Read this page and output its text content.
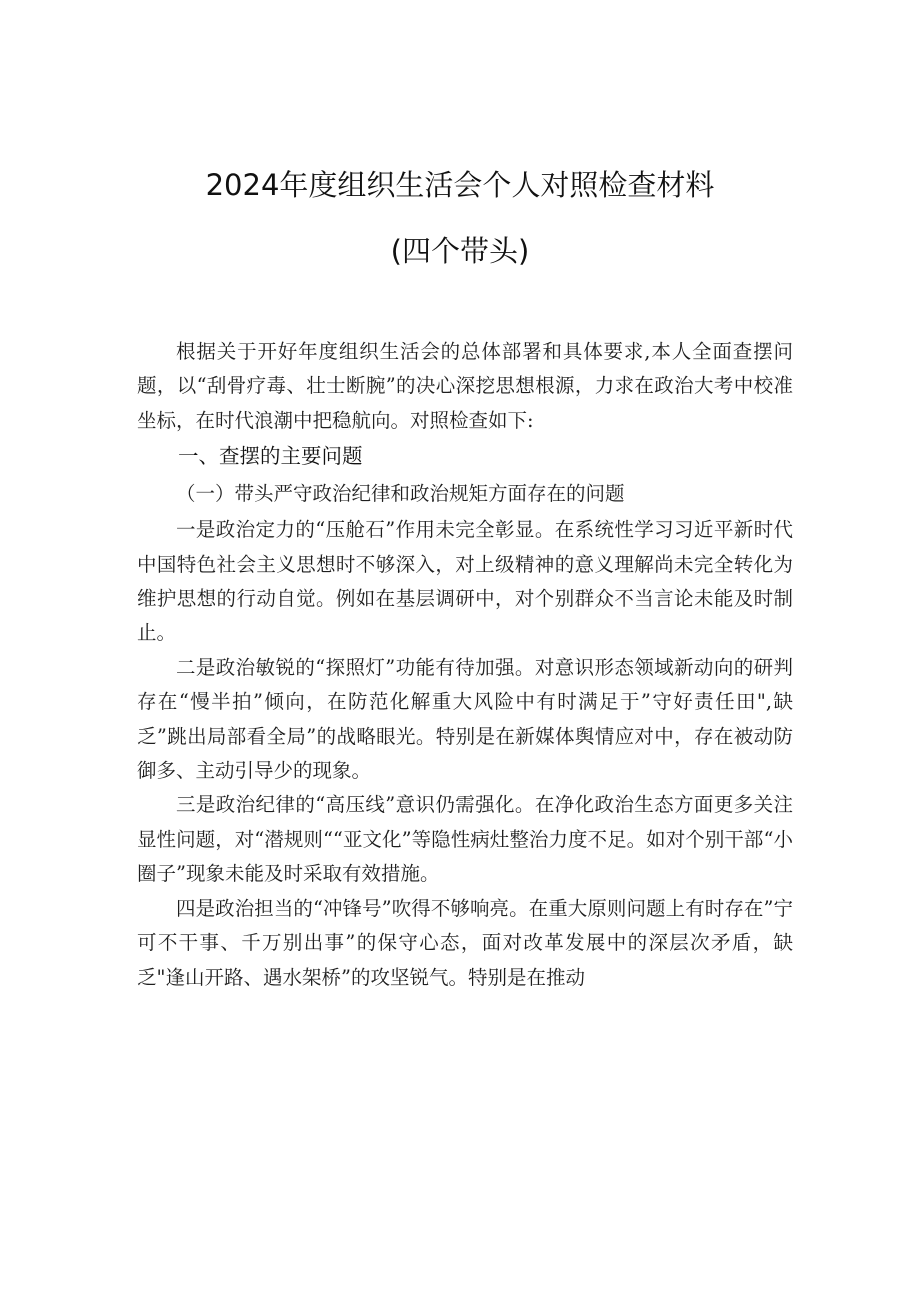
2024年度组织生活会个人对照检查材料
(四个带头)

根据关于开好年度组织生活会的总体部署和具体要求,本人全面查摆问题，以“刮骨疗毒、壮士断腕”的决心深挖思想根源，力求在政治大考中校准坐标，在时代浪潮中把稳航向。对照检查如下:

一、查摆的主要问题

（一）带头严守政治纪律和政治规矩方面存在的问题

一是政治定力的“压舱石”作用未完全彰显。在系统性学习习近平新时代中国特色社会主义思想时不够深入，对上级精神的意义理解尚未完全转化为维护思想的行动自觉。例如在基层调研中，对个别群众不当言论未能及时制止。

二是政治敏锐的“探照灯”功能有待加强。对意识形态领域新动向的研判存在“慢半拍”倾向，在防范化解重大风险中有时满足于”守好责任田",缺乏”跳出局部看全局”的战略眼光。特别是在新媒体舆情应对中，存在被动防御多、主动引导少的现象。

三是政治纪律的“高压线”意识仍需强化。在净化政治生态方面更多关注显性问题，对“潜规则““亚文化”等隐性病灶整治力度不足。如对个别干部“小圈子”现象未能及时采取有效措施。

四是政治担当的“冲锋号”吹得不够响亮。在重大原则问题上有时存在”宁可不干事、千万别出事”的保守心态，面对改革发展中的深层次矛盾，缺乏"逢山开路、遇水架桥”的攻坚锐气。特别是在推动
